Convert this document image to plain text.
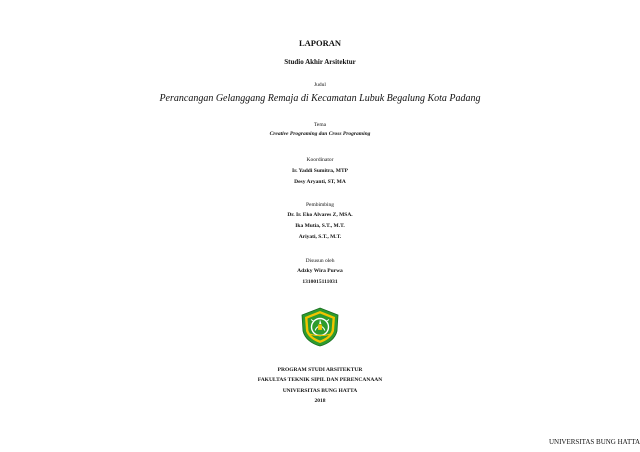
LAPORAN
Studio Akhir Arsitektur
Judul
Perancangan Gelanggang Remaja di Kecamatan Lubuk Begalung Kota Padang
Tema
Creative Programing dan Cross Programing
Koordinator
Ir. Yaddi Sumitra, MTP
Desy Aryanti, ST, MA
Pembimbing
Dr. Ir. Eko Alvares Z, MSA.
Ika Mutia, S.T., M.T.
Ariyati, S.T., M.T.
Disusun oleh
Adzky Wira Purwa
1310015111031
PROGRAM STUDI ARSITEKTUR
FAKULTAS TEKNIK SIPIL DAN PERENCANAAN
UNIVERSITAS BUNG HATTA
2018
UNIVERSITAS BUNG HATTA
